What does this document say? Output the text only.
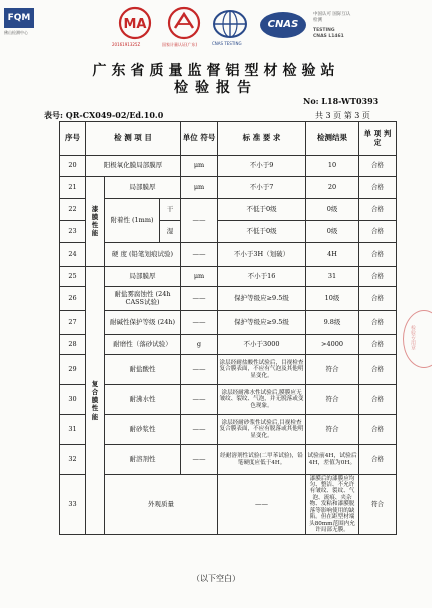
FQM
佛山检测中心
MA
2016191325Z	国家计量认证(广东)	CNAS TESTING
CNAS
中国认可 国际互认 检测
TESTING
CNAS L1461
广东省质量监督铝型材检验站
检验报告
No: L18-WT0393
表号: QR-CX049-02/Ed.10.0	共 3 页 第 3 页
序号	检 测 项 目			单位 符号	标 准 要 求	检测结果	单 项 判 定	
20	阳极氧化膜局部膜厚			μm	不小于9	10	合格	
21	漆膜性能	局部膜厚		μm	不小于7	20	合格	
22		附着性 (1mm)	干	——	不低于0级	0级	合格	
23			湿		不低于0级	0级	合格	
24		硬 度 (铅笔划痕试验)		——	不小于3H（划破）	4H	合格	
25	复合膜性能	局部膜厚		μm	不小于16	31	合格	
26		耐盐雾腐蚀性 (24h CASS试验)		——	保护等级应≥9.5级	10级	合格	
27		耐碱性保护等级 (24h)		——	保护等级应≥9.5级	9.8级	合格	
28		耐磨性（落砂试验）		g	不小于3000	>4000	合格	
29		耐盐酸性		——	涂层经耐盐酸性试验后，目视检查复合膜表面，不应有气泡及其他明显变化。	符合	合格	
30		耐沸水性		——	涂层经耐沸水性试验后,膜膜应无皱纹、裂纹、气泡，并无脱落或变色现象。	符合	合格	
31		耐砂浆性		——	涂层经耐砂浆性试验后,目视检查复合膜表面，不应有脱落或其他明显变化。	符合	合格	
32		耐溶剂性		——	经耐溶剂性试验(二甲苯试验)，铅笔硬度应低于4H。	试验前4H，试验后4H，差值为0H。	合格	
33		外观质量			——	漆膜后的漆膜应均匀、整洁、不允许有皱纹、裂纹、气泡、流痕、夹杂物、发粘和漆膜脱落等影响使用的缺陷。但在距型材端头80mm范围内允许局部无膜。	符合	
检验专用章
（以下空白）
